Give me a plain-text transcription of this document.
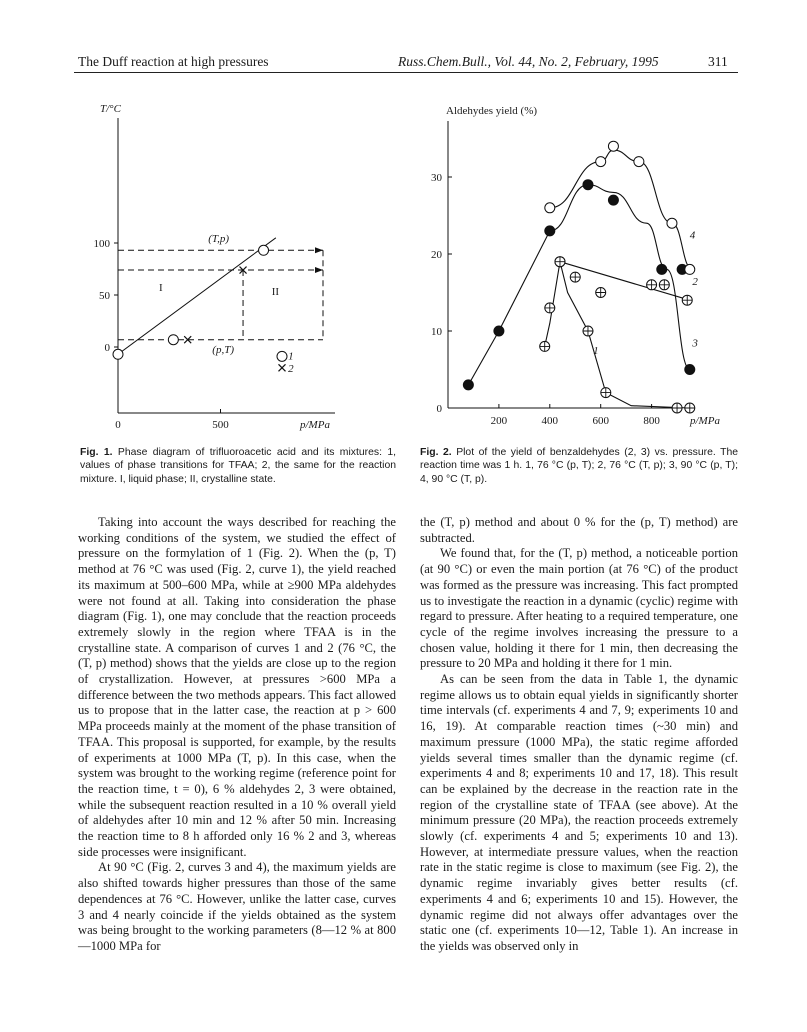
The Duff reaction at high pressures	Russ.Chem.Bull., Vol. 44, No. 2, February, 1995	311
100
50
0
0	500
T/°C
p/MPa
(T,p)
(p,T)
I	II
1
2
30
20
10
0
200	400	600	800
Aldehydes yield (%)
p/MPa
1
2
3
4
Fig. 1. Phase diagram of trifluoroacetic acid and its mixtures: 1, values of phase transitions for TFAA; 2, the same for the reaction mixture. I, liquid phase; II, crystalline state.
Fig. 2. Plot of the yield of benzaldehydes (2, 3) vs. pressure. The reaction time was 1 h. 1, 76 °C (p, T); 2, 76 °C (T, p); 3, 90 °C (p, T); 4, 90 °C (T, p).

Taking into account the ways described for reaching the working conditions of the system, we studied the effect of pressure on the formylation of 1 (Fig. 2). When the (p, T) method at 76 °C was used (Fig. 2, curve 1), the yield reached its maximum at 500–600 MPa, while at ≥900 MPa aldehydes were not found at all. Taking into consideration the phase diagram (Fig. 1), one may conclude that the reaction proceeds extremely slowly in the region where TFAA is in the crystalline state. A comparison of curves 1 and 2 (76 °C, the (T, p) method) shows that the yields are close up to the region of crystallization. However, at pressures >600 MPa a difference between the two methods appears. This fact allowed us to propose that in the latter case, the reaction at p > 600 MPa proceeds mainly at the moment of the phase transition of TFAA. This proposal is supported, for example, by the results of experiments at 1000 MPa (T, p). In this case, when the system was brought to the working regime (reference point for the reaction time, t = 0), 6 % aldehydes 2, 3 were obtained, while the subsequent reaction resulted in a 10 % overall yield of aldehydes after 10 min and 12 % after 50 min. Increasing the reaction time to 8 h afforded only 16 % 2 and 3, whereas side processes were insignificant.

At 90 °C (Fig. 2, curves 3 and 4), the maximum yields are also shifted towards higher pressures than those of the same dependences at 76 °C. However, unlike the latter case, curves 3 and 4 nearly coincide if the yields obtained as the system was being brought to the working parameters (8—12 % at 800—1000 MPa for

the (T, p) method and about 0 % for the (p, T) method) are subtracted.

We found that, for the (T, p) method, a noticeable portion (at 90 °C) or even the main portion (at 76 °C) of the product was formed as the pressure was increasing. This fact prompted us to investigate the reaction in a dynamic (cyclic) regime with regard to pressure. After heating to a required temperature, one cycle of the regime involves increasing the pressure to a chosen value, holding it there for 1 min, then decreasing the pressure to 20 MPa and holding it there for 1 min.

As can be seen from the data in Table 1, the dynamic regime allows us to obtain equal yields in significantly shorter time intervals (cf. experiments 4 and 7, 9; experiments 10 and 16, 19). At comparable reaction times (~30 min) and maximum pressure (1000 MPa), the static regime afforded yields several times smaller than the dynamic regime (cf. experiments 4 and 8; experiments 10 and 17, 18). This result can be explained by the decrease in the reaction rate in the region of the crystalline state of TFAA (see above). At the minimum pressure (20 MPa), the reaction proceeds extremely slowly (cf. experiments 4 and 5; experiments 10 and 13). However, at intermediate pressure values, when the reaction rate in the static regime is close to maximum (see Fig. 2), the dynamic regime invariably gives better results (cf. experiments 4 and 6; experiments 10 and 15). However, the dynamic regime did not always offer advantages over the static one (cf. experiments 10—12, Table 1). An increase in the yields was observed only in
